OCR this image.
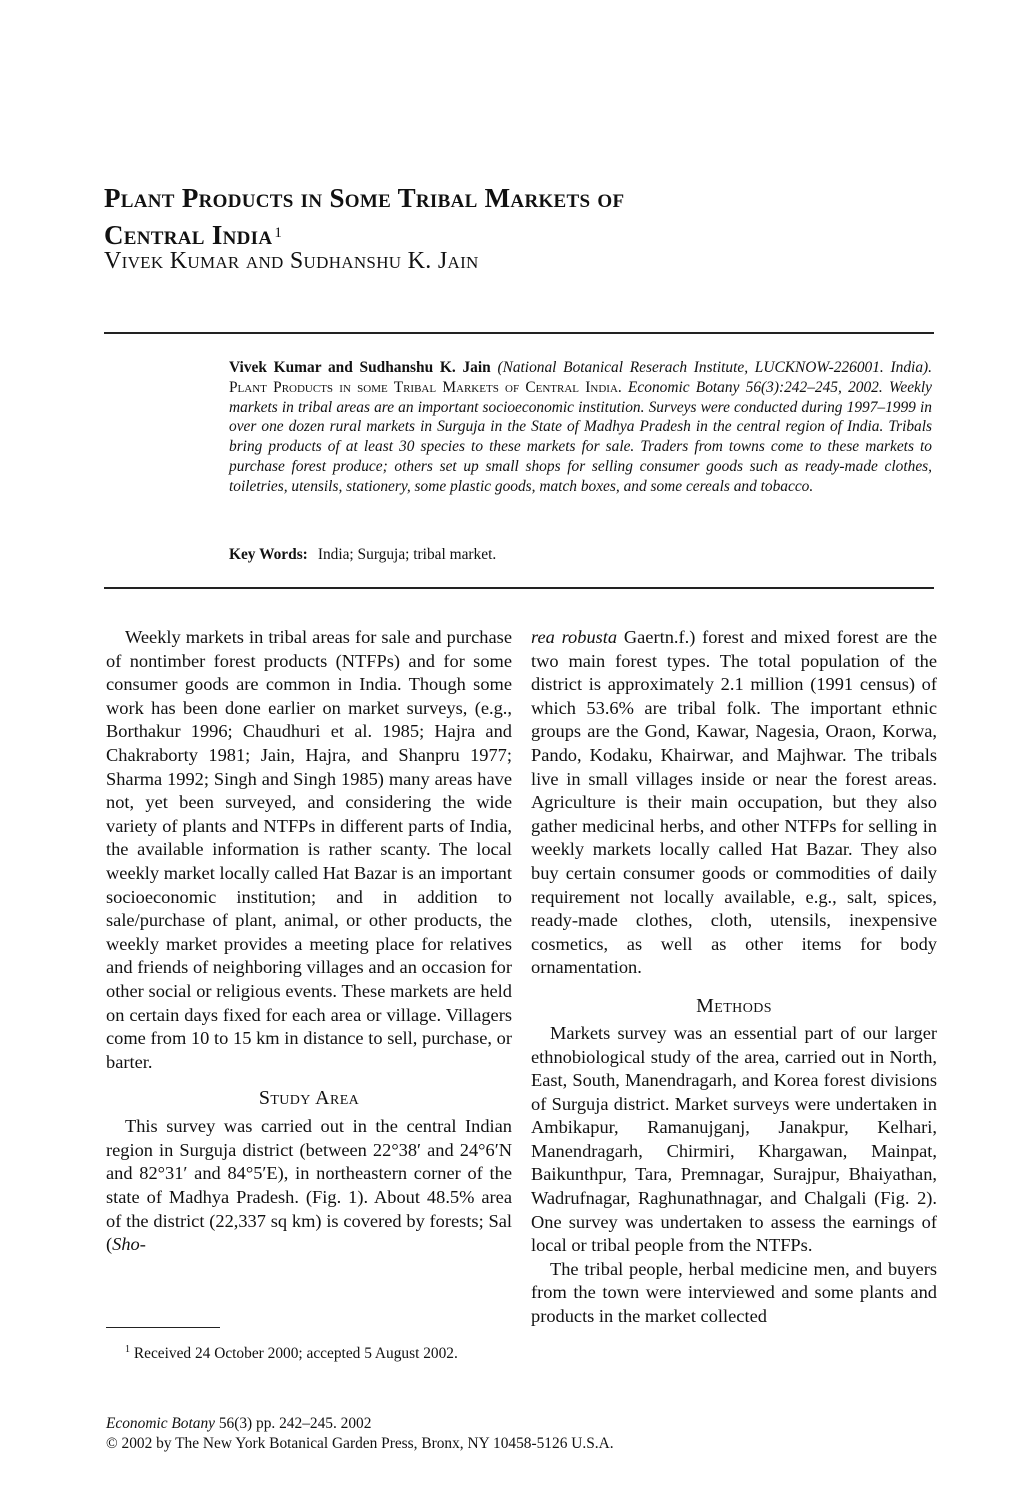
Plant Products in Some Tribal Markets of
Central India $^1$

Vivek Kumar and Sudhanshu K. Jain

Vivek Kumar and Sudhanshu K. Jain (National Botanical Reserach Institute, LUCKNOW-226001. India). Plant Products in some Tribal Markets of Central India. Economic Botany 56(3):242–245, 2002. Weekly markets in tribal areas are an important socioeconomic institution. Surveys were conducted during 1997–1999 in over one dozen rural markets in Surguja in the State of Madhya Pradesh in the central region of India. Tribals bring products of at least 30 species to these markets for sale. Traders from towns come to these markets to purchase forest produce; others set up small shops for selling consumer goods such as ready-made clothes, toiletries, utensils, stationery, some plastic goods, match boxes, and some cereals and tobacco.

Key Words: India; Surguja; tribal market.

Weekly markets in tribal areas for sale and purchase of nontimber forest products (NTFPs) and for some consumer goods are common in India. Though some work has been done earlier on market surveys, (e.g., Borthakur 1996; Chaudhuri et al. 1985; Hajra and Chakraborty 1981; Jain, Hajra, and Shanpru 1977; Sharma 1992; Singh and Singh 1985) many areas have not, yet been surveyed, and considering the wide variety of plants and NTFPs in different parts of India, the available information is rather scanty. The local weekly market locally called Hat Bazar is an important socioeconomic institution; and in addition to sale/purchase of plant, animal, or other products, the weekly market provides a meeting place for relatives and friends of neighboring villages and an occasion for other social or religious events. These markets are held on certain days fixed for each area or village. Villagers come from 10 to 15 km in distance to sell, purchase, or barter.

Study Area

This survey was carried out in the central Indian region in Surguja district (between 22°38′ and 24°6′N and 82°31′ and 84°5′E), in northeastern corner of the state of Madhya Pradesh. (Fig. 1). About 48.5% area of the district (22,337 sq km) is covered by forests; Sal (Sho-

rea robusta Gaertn.f.) forest and mixed forest are the two main forest types. The total population of the district is approximately 2.1 million (1991 census) of which 53.6% are tribal folk. The important ethnic groups are the Gond, Kawar, Nagesia, Oraon, Korwa, Pando, Kodaku, Khairwar, and Majhwar. The tribals live in small villages inside or near the forest areas. Agriculture is their main occupation, but they also gather medicinal herbs, and other NTFPs for selling in weekly markets locally called Hat Bazar. They also buy certain consumer goods or commodities of daily requirement not locally available, e.g., salt, spices, ready-made clothes, cloth, utensils, inexpensive cosmetics, as well as other items for body ornamentation.

Methods

Markets survey was an essential part of our larger ethnobiological study of the area, carried out in North, East, South, Manendragarh, and Korea forest divisions of Surguja district. Market surveys were undertaken in Ambikapur, Ramanujganj, Janakpur, Kelhari, Manendragarh, Chirmiri, Khargawan, Mainpat, Baikunthpur, Tara, Premnagar, Surajpur, Bhaiyathan, Wadrufnagar, Raghunathnagar, and Chalgali (Fig. 2). One survey was undertaken to assess the earnings of local or tribal people from the NTFPs.

The tribal people, herbal medicine men, and buyers from the town were interviewed and some plants and products in the market collected

$^1$ Received 24 October 2000; accepted 5 August 2002.

Economic Botany 56(3) pp. 242–245. 2002
© 2002 by The New York Botanical Garden Press, Bronx, NY 10458-5126 U.S.A.
